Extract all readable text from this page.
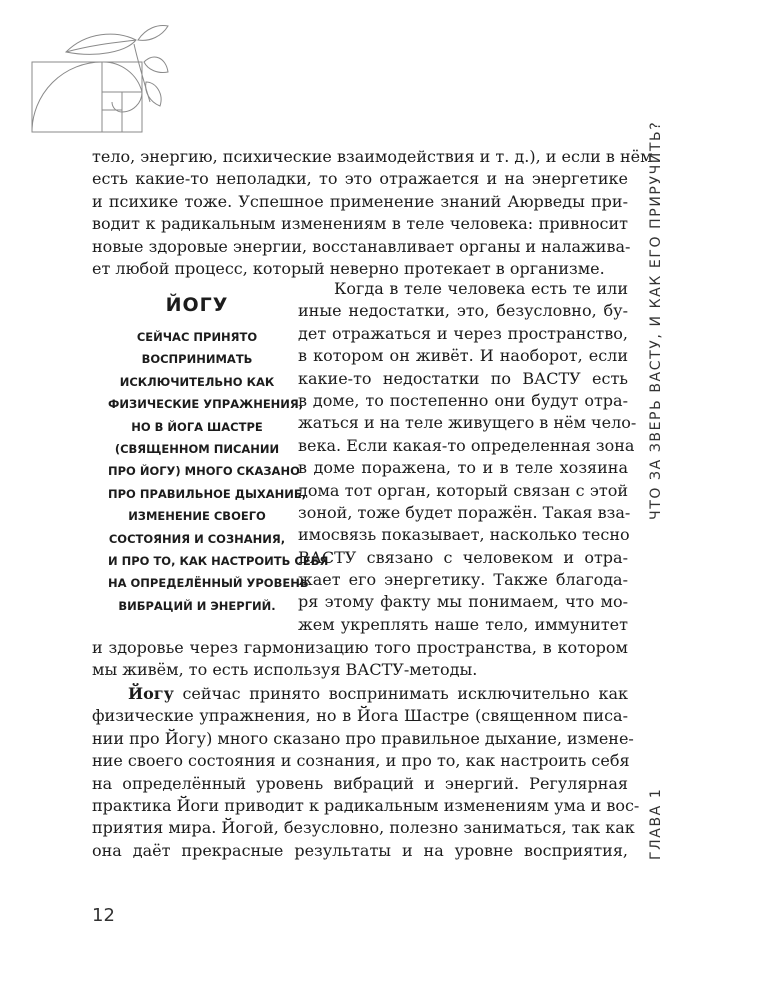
тело, энергию, психические взаимодействия и т. д.), и если в нём
есть какие-то неполадки, то это отражается и на энергетике
и психике тоже. Успешное применение знаний Аюрведы при-
водит к радикальным изменениям в теле человека: привносит
новые здоровые энергии, восстанавливает органы и налажива-
ет любой процесс, который неверно протекает в организме.
ЙОГУ
СЕЙЧАС ПРИНЯТО
ВОСПРИНИМАТЬ
ИСКЛЮЧИТЕЛЬНО КАК
ФИЗИЧЕСКИЕ УПРАЖНЕНИЯ,
НО В ЙОГА ШАСТРЕ
(СВЯЩЕННОМ ПИСАНИИ
ПРО ЙОГУ) МНОГО СКАЗАНО
ПРО ПРАВИЛЬНОЕ ДЫХАНИЕ,
ИЗМЕНЕНИЕ СВОЕГО
СОСТОЯНИЯ И СОЗНАНИЯ,
И ПРО ТО, КАК НАСТРОИТЬ СЕБЯ
НА ОПРЕДЕЛЁННЫЙ УРОВЕНЬ
ВИБРАЦИЙ И ЭНЕРГИЙ.
Когда в теле человека есть те или
иные недостатки, это, безусловно, бу-
дет отражаться и через пространство,
в котором он живёт. И наоборот, если
какие-то недостатки по ВАСТУ есть
в доме, то постепенно они будут отра-
жаться и на теле живущего в нём чело-
века. Если какая-то определенная зона
в доме поражена, то и в теле хозяина
дома тот орган, который связан с этой
зоной, тоже будет поражён. Такая вза-
имосвязь показывает, насколько тесно
ВАСТУ связано с человеком и отра-
жает его энергетику. Также благода-
ря этому факту мы понимаем, что мо-
жем укреплять наше тело, иммунитет
и здоровье через гармонизацию того пространства, в котором
мы живём, то есть используя ВАСТУ-методы.
Йогу сейчас принято воспринимать исключительно как
физические упражнения, но в Йога Шастре (священном писа-
нии про Йогу) много сказано про правильное дыхание, измене-
ние своего состояния и сознания, и про то, как настроить себя
на определённый уровень вибраций и энергий. Регулярная
практика Йоги приводит к радикальным изменениям ума и вос-
приятия мира. Йогой, безусловно, полезно заниматься, так как
она даёт прекрасные результаты и на уровне восприятия,
12
ЧТО ЗА ЗВЕРЬ ВАСТУ, И КАК ЕГО ПРИРУЧИТЬ?
ГЛАВА 1
